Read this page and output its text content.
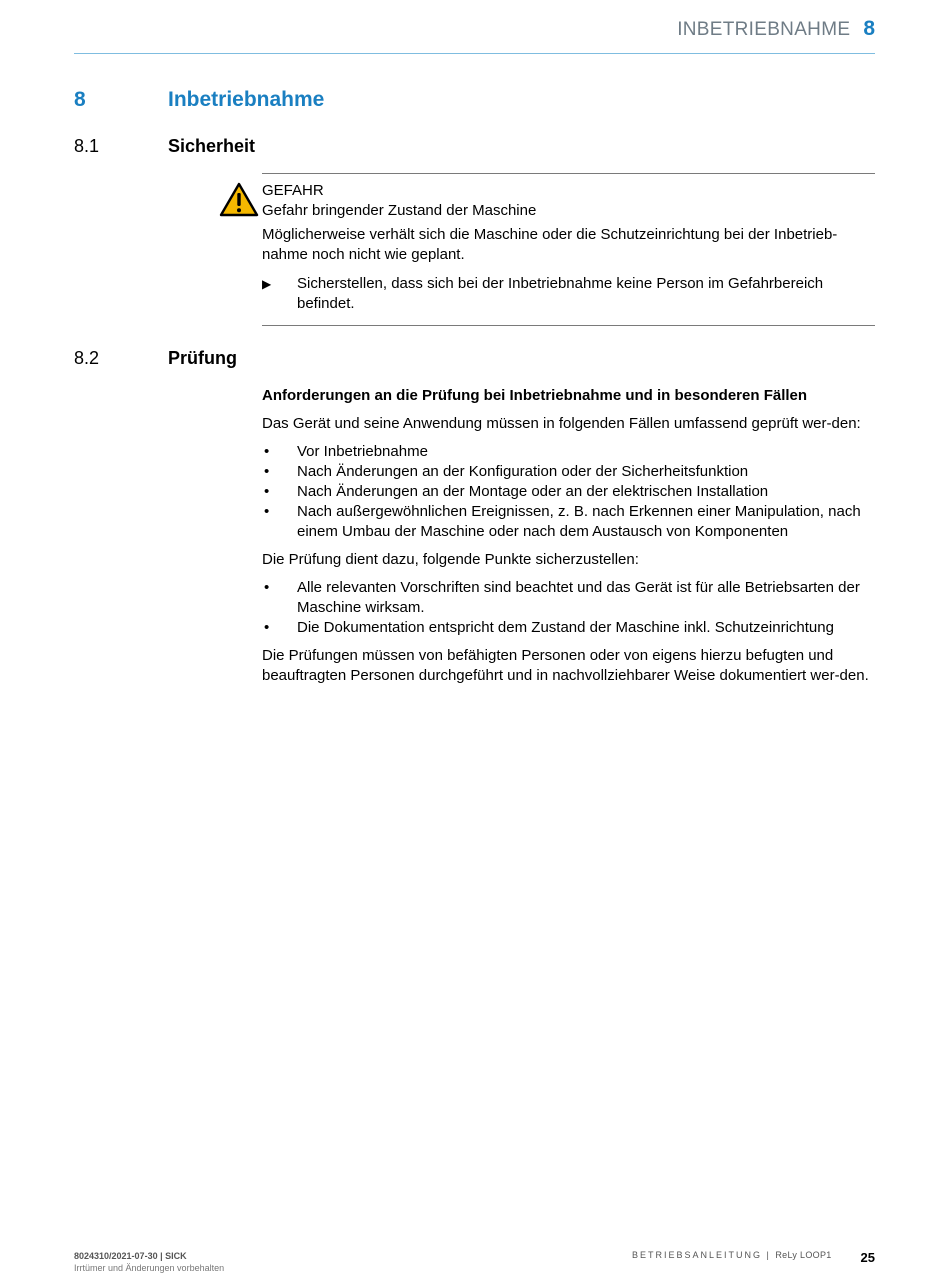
INBETRIEBNAHME 8
8	Inbetriebnahme
8.1	Sicherheit
GEFAHR
Gefahr bringender Zustand der Maschine
Möglicherweise verhält sich die Maschine oder die Schutzeinrichtung bei der Inbetrieb-nahme noch nicht wie geplant.
▶	Sicherstellen, dass sich bei der Inbetriebnahme keine Person im Gefahrbereich befindet.
8.2	Prüfung
Anforderungen an die Prüfung bei Inbetriebnahme und in besonderen Fällen

Das Gerät und seine Anwendung müssen in folgenden Fällen umfassend geprüft wer-den:

•	Vor Inbetriebnahme
•	Nach Änderungen an der Konfiguration oder der Sicherheitsfunktion
•	Nach Änderungen an der Montage oder an der elektrischen Installation
•	Nach außergewöhnlichen Ereignissen, z. B. nach Erkennen einer Manipulation, nach einem Umbau der Maschine oder nach dem Austausch von Komponenten

Die Prüfung dient dazu, folgende Punkte sicherzustellen:

•	Alle relevanten Vorschriften sind beachtet und das Gerät ist für alle Betriebsarten der Maschine wirksam.
•	Die Dokumentation entspricht dem Zustand der Maschine inkl. Schutzeinrichtung

Die Prüfungen müssen von befähigten Personen oder von eigens hierzu befugten und beauftragten Personen durchgeführt und in nachvollziehbarer Weise dokumentiert wer-den.

8024310/2021-07-30 | SICK
Irrtümer und Änderungen vorbehalten
BETRIEBSANLEITUNG | ReLy LOOP1 25
